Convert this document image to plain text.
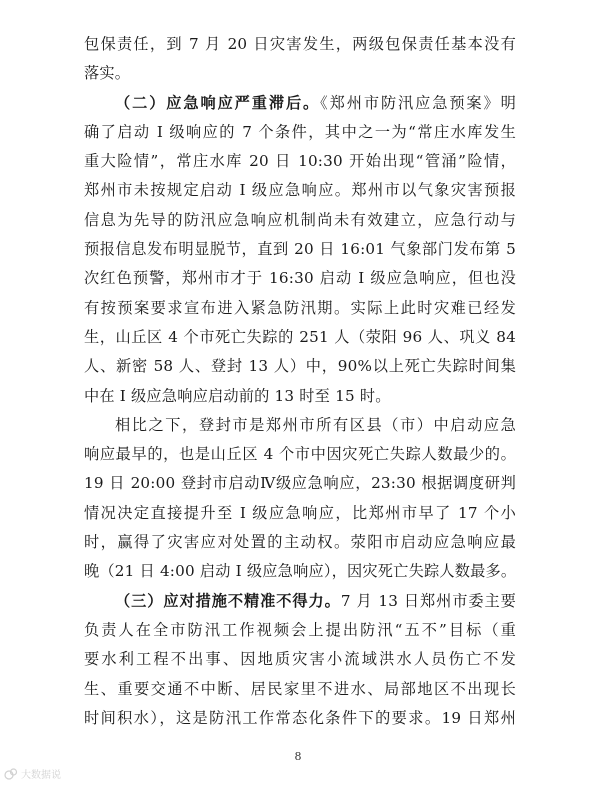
包保责任，到 7 月 20 日灾害发生，两级包保责任基本没有
落实。
（二）应急响应严重滞后。《郑州市防汛应急预案》明
确了启动 I 级响应的 7 个条件，其中之一为“常庄水库发生
重大险情”，常庄水库 20 日 10:30 开始出现“管涌”险情，
郑州市未按规定启动 I 级应急响应。郑州市以气象灾害预报
信息为先导的防汛应急响应机制尚未有效建立，应急行动与
预报信息发布明显脱节，直到 20 日 16:01 气象部门发布第 5
次红色预警，郑州市才于 16:30 启动 I 级应急响应，但也没
有按预案要求宣布进入紧急防汛期。实际上此时灾难已经发
生，山丘区 4 个市死亡失踪的 251 人（荥阳 96 人、巩义 84
人、新密 58 人、登封 13 人）中，90%以上死亡失踪时间集
中在 I 级应急响应启动前的 13 时至 15 时。
相比之下，登封市是郑州市所有区县（市）中启动应急
响应最早的，也是山丘区 4 个市中因灾死亡失踪人数最少的。
19 日 20:00 登封市启动Ⅳ级应急响应，23:30 根据调度研判
情况决定直接提升至 I 级应急响应，比郑州市早了 17 个小
时，赢得了灾害应对处置的主动权。荥阳市启动应急响应最
晚（21 日 4:00 启动 I 级应急响应），因灾死亡失踪人数最多。
（三）应对措施不精准不得力。7 月 13 日郑州市委主要
负责人在全市防汛工作视频会上提出防汛“五不”目标（重
要水利工程不出事、因地质灾害小流域洪水人员伤亡不发
生、重要交通不中断、居民家里不进水、局部地区不出现长
时间积水），这是防汛工作常态化条件下的要求。19 日郑州
8
大数据说
